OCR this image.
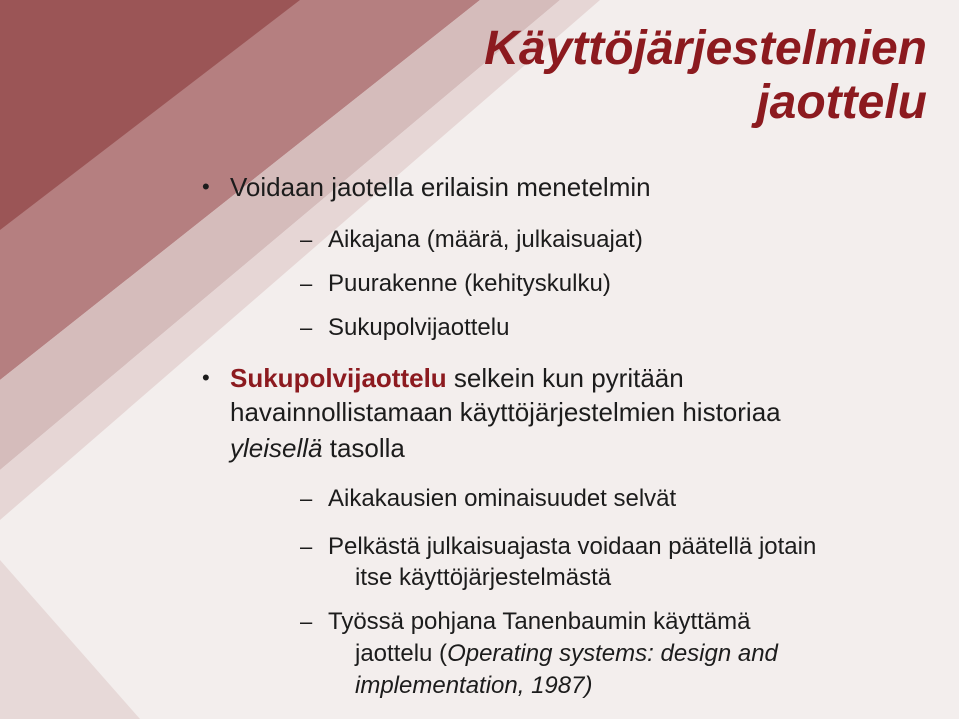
Käyttöjärjestelmien
jaottelu
• Voidaan jaotella erilaisin menetelmin
– Aikajana (määrä, julkaisuajat)
– Puurakenne (kehityskulku)
– Sukupolvijaottelu
• Sukupolvijaottelu selkein kun pyritään
havainnollistamaan käyttöjärjestelmien historiaa
yleisellä tasolla
– Aikakausien ominaisuudet selvät
– Pelkästä julkaisuajasta voidaan päätellä jotain
itse käyttöjärjestelmästä
– Työssä pohjana Tanenbaumin käyttämä
jaottelu (Operating systems: design and
implementation, 1987)
